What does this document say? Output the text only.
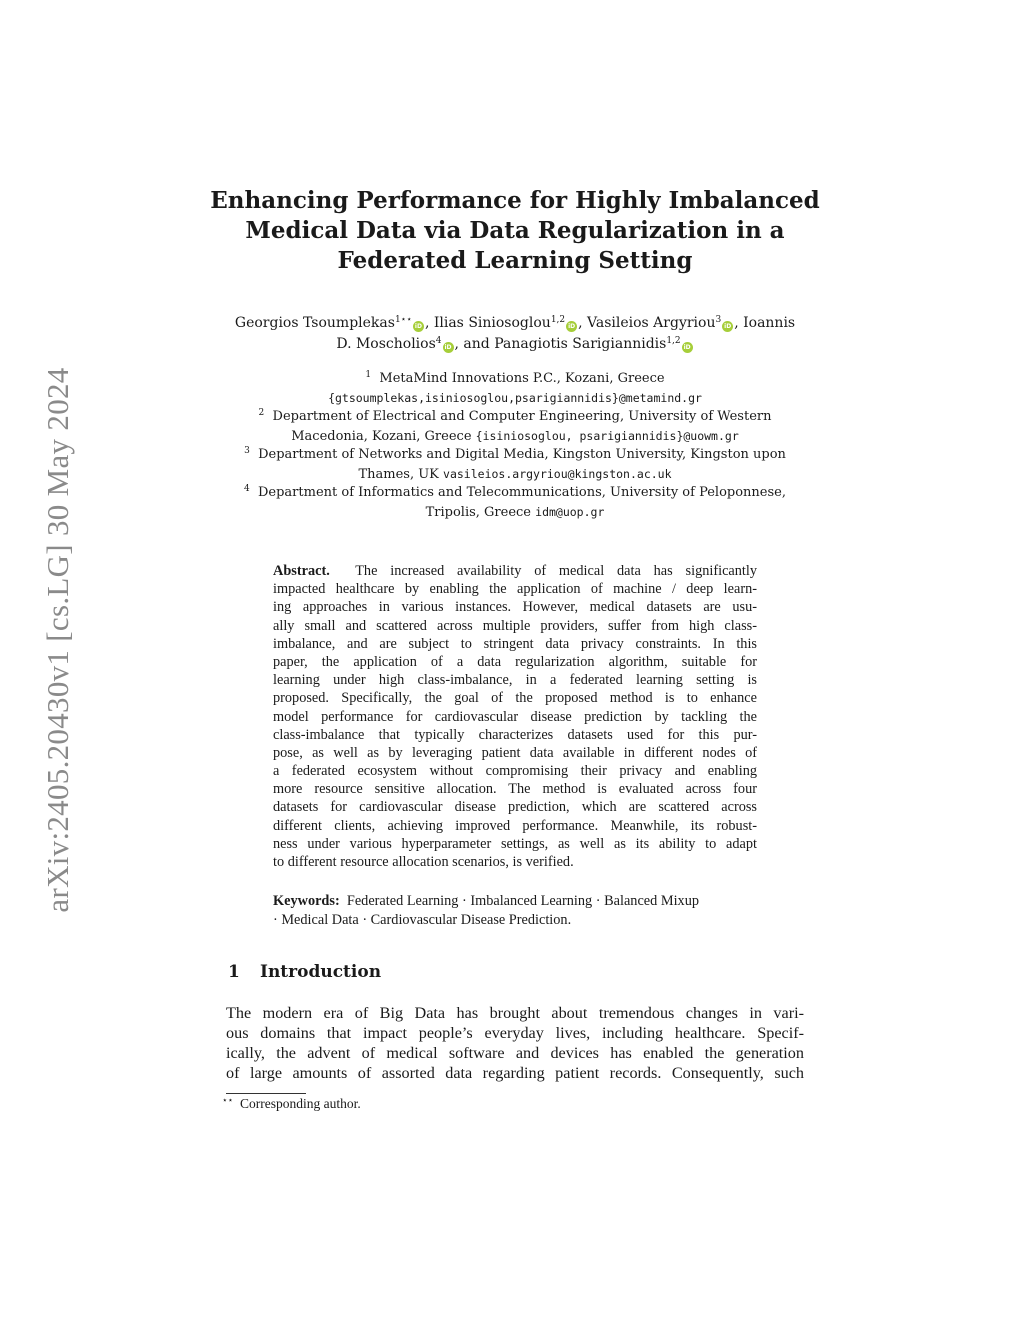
arXiv:2405.20430v1 [cs.LG] 30 May 2024
Enhancing Performance for Highly Imbalanced
Medical Data via Data Regularization in a
Federated Learning Setting
Georgios Tsoumplekas$^{1⋆⋆}$iD , Ilias Siniosoglou$^{1,2}$iD , Vasileios Argyriou$^3$iD , Ioannis
D. Moscholios$^4$iD , and Panagiotis Sarigiannidis$^{1,2}$iD
$^1$ MetaMind Innovations P.C., Kozani, Greece
{gtsoumplekas,isiniosoglou,psarigiannidis}@metamind.gr
$^2$ Department of Electrical and Computer Engineering, University of Western
Macedonia, Kozani, Greece {isiniosoglou, psarigiannidis}@uowm.gr
$^3$ Department of Networks and Digital Media, Kingston University, Kingston upon
Thames, UK vasileios.argyriou@kingston.ac.uk
$^4$ Department of Informatics and Telecommunications, University of Peloponnese,
Tripolis, Greece idm@uop.gr
Abstract. The increased availability of medical data has significantly
impacted healthcare by enabling the application of machine / deep learn-
ing approaches in various instances. However, medical datasets are usu-
ally small and scattered across multiple providers, suffer from high class-
imbalance, and are subject to stringent data privacy constraints. In this
paper, the application of a data regularization algorithm, suitable for
learning under high class-imbalance, in a federated learning setting is
proposed. Specifically, the goal of the proposed method is to enhance
model performance for cardiovascular disease prediction by tackling the
class-imbalance that typically characterizes datasets used for this pur-
pose, as well as by leveraging patient data available in different nodes of
a federated ecosystem without compromising their privacy and enabling
more resource sensitive allocation. The method is evaluated across four
datasets for cardiovascular disease prediction, which are scattered across
different clients, achieving improved performance. Meanwhile, its robust-
ness under various hyperparameter settings, as well as its ability to adapt
to different resource allocation scenarios, is verified.
Keywords: Federated Learning · Imbalanced Learning · Balanced Mixup
· Medical Data · Cardiovascular Disease Prediction.
1 Introduction
The modern era of Big Data has brought about tremendous changes in vari-
ous domains that impact people’s everyday lives, including healthcare. Specif-
ically, the advent of medical software and devices has enabled the generation
of large amounts of assorted data regarding patient records. Consequently, such
⋆⋆ Corresponding author.
